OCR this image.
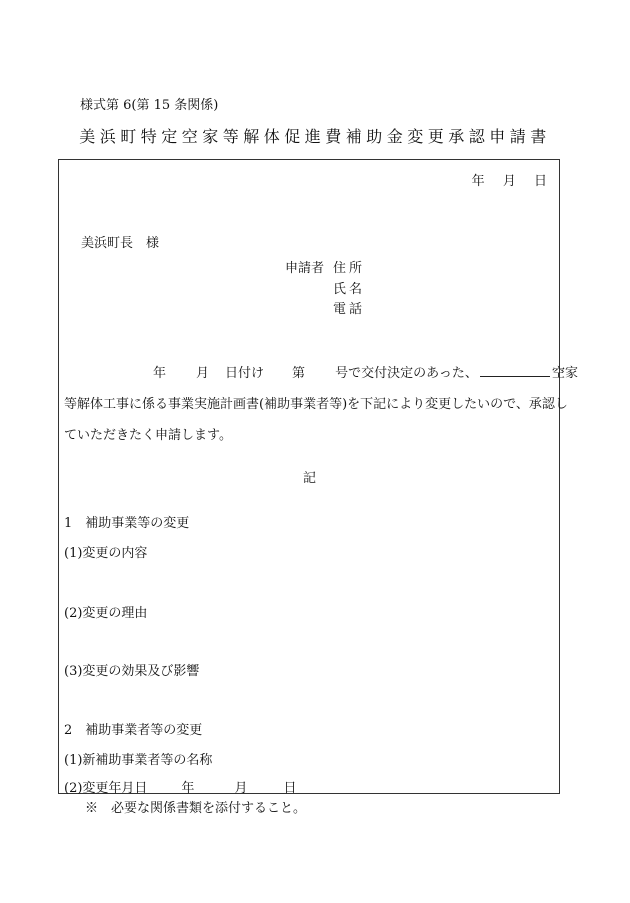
様式第 6(第 15 条関係)
美浜町特定空家等解体促進費補助金変更承認申請書
年 月 日
美浜町長　様
申請者 住所
氏名
電話
年 月 日付け 第 号で交付決定のあった、	空家
等解体工事に係る事業実施計画書(補助事業者等)を下記により変更したいので、承認し
ていただきたく申請します。
記
1　補助事業等の変更
(1)変更の内容
(2)変更の理由
(3)変更の効果及び影響
2　補助事業者等の変更
(1)新補助事業者等の名称
(2)変更年月日	年	月	日
※　必要な関係書類を添付すること。
